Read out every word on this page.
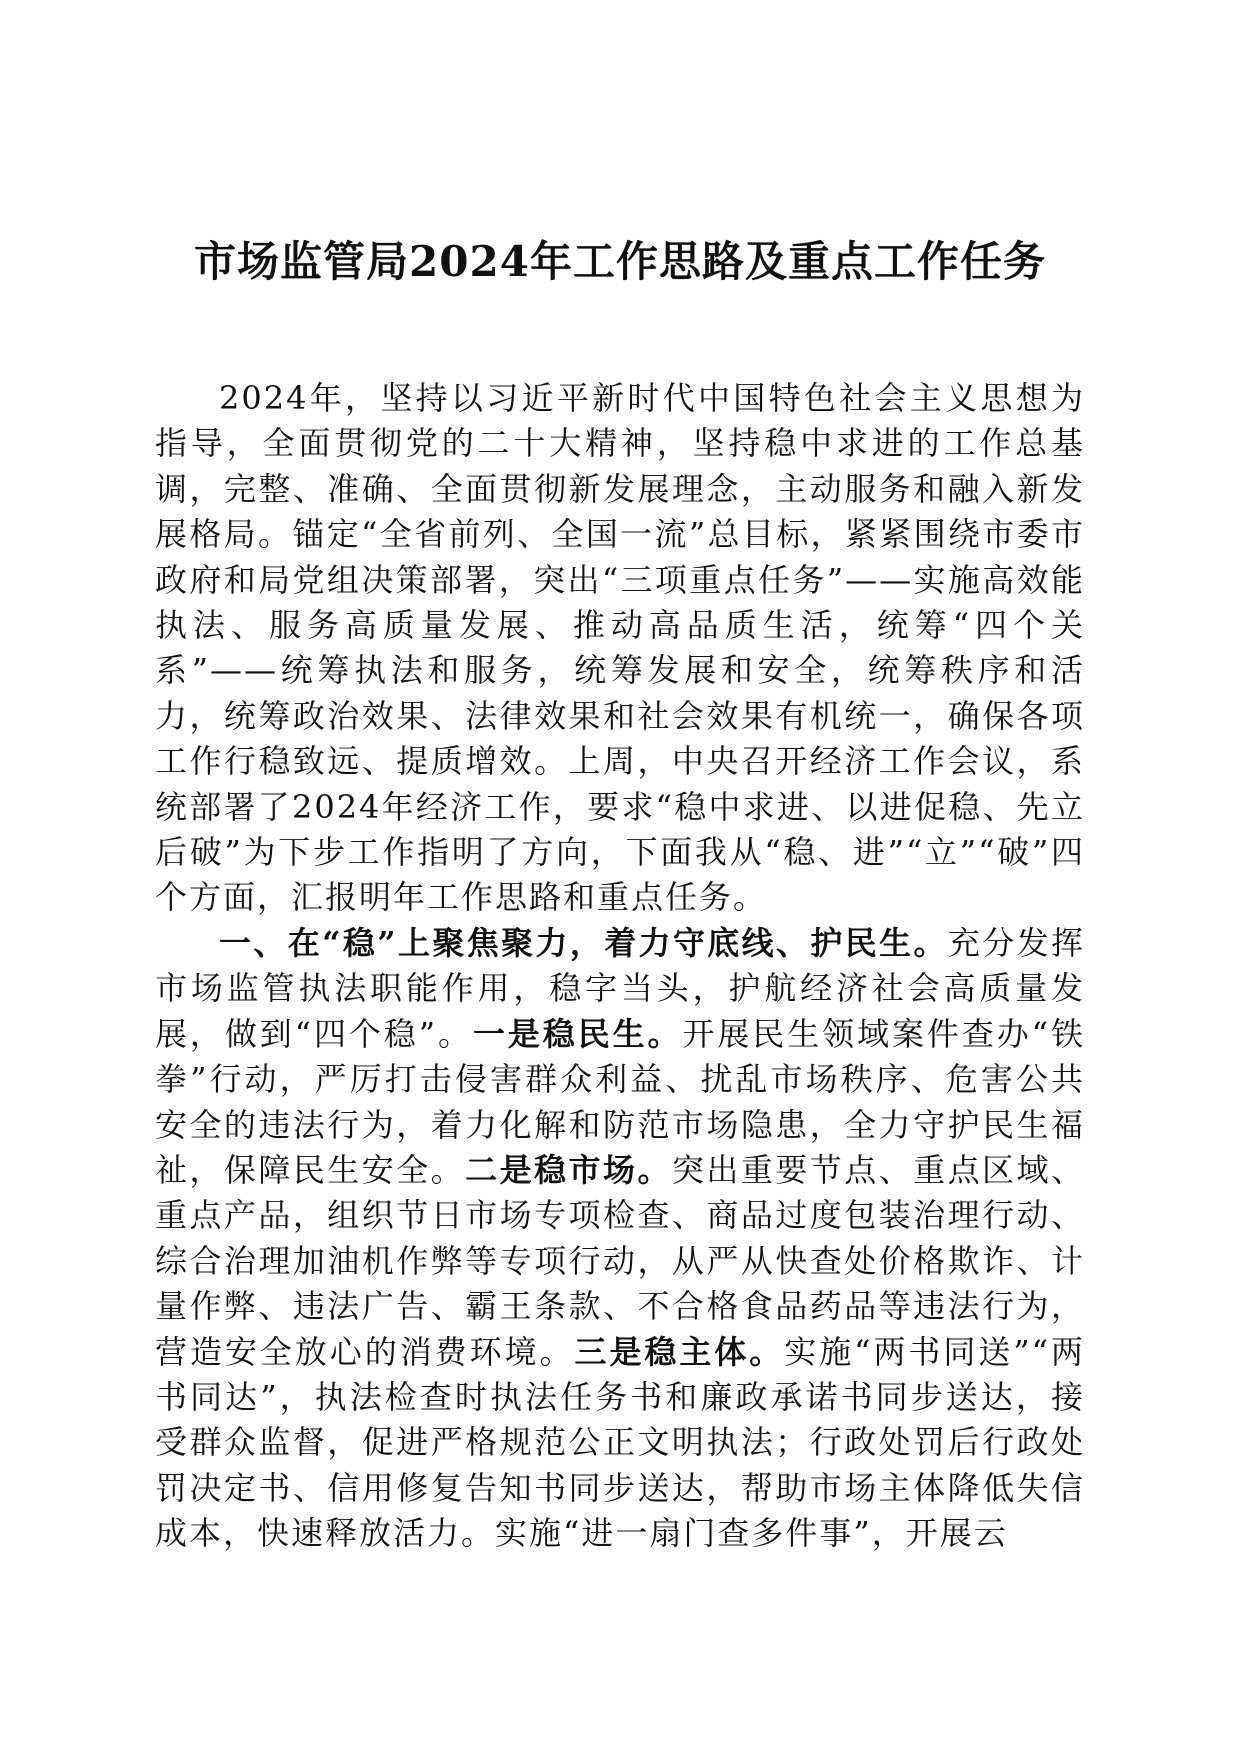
市场监管局2024年工作思路及重点工作任务

2024年，坚持以习近平新时代中国特色社会主义思想为指导，全面贯彻党的二十大精神，坚持稳中求进的工作总基调，完整、准确、全面贯彻新发展理念，主动服务和融入新发展格局。锚定“全省前列、全国一流”总目标，紧紧围绕市委市政府和局党组决策部署，突出“三项重点任务”——实施高效能执法、服务高质量发展、推动高品质生活，统筹“四个关系”——统筹执法和服务，统筹发展和安全，统筹秩序和活力，统筹政治效果、法律效果和社会效果有机统一，确保各项工作行稳致远、提质增效。上周，中央召开经济工作会议，系统部署了2024年经济工作，要求“稳中求进、以进促稳、先立后破”为下步工作指明了方向，下面我从“稳、进”“立”“破”四个方面，汇报明年工作思路和重点任务。

一、在“稳”上聚焦聚力，着力守底线、护民生。充分发挥市场监管执法职能作用，稳字当头，护航经济社会高质量发展，做到“四个稳”。一是稳民生。开展民生领域案件查办“铁拳”行动，严厉打击侵害群众利益、扰乱市场秩序、危害公共安全的违法行为，着力化解和防范市场隐患，全力守护民生福祉，保障民生安全。二是稳市场。突出重要节点、重点区域、重点产品，组织节日市场专项检查、商品过度包装治理行动、综合治理加油机作弊等专项行动，从严从快查处价格欺诈、计量作弊、违法广告、霸王条款、不合格食品药品等违法行为，营造安全放心的消费环境。三是稳主体。实施“两书同送”“两书同达”，执法检查时执法任务书和廉政承诺书同步送达，接受群众监督，促进严格规范公正文明执法；行政处罚后行政处罚决定书、信用修复告知书同步送达，帮助市场主体降低失信成本，快速释放活力。实施“进一扇门查多件事”，开展云
